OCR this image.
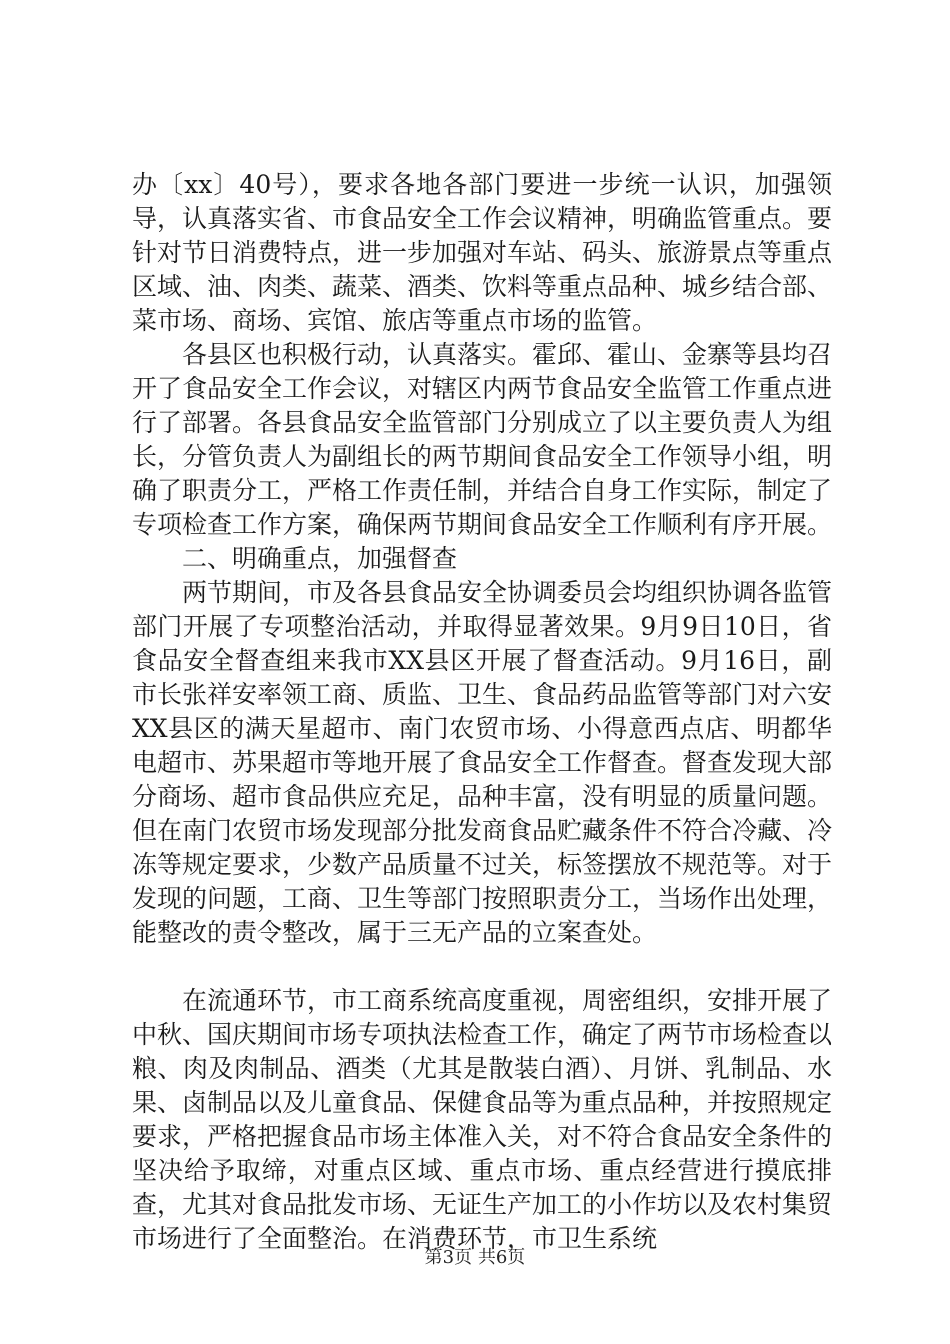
办〔xx〕40号），要求各地各部门要进一步统一认识，加强领导，认真落实省、市食品安全工作会议精神，明确监管重点。要针对节日消费特点，进一步加强对车站、码头、旅游景点等重点区域、油、肉类、蔬菜、酒类、饮料等重点品种、城乡结合部、菜市场、商场、宾馆、旅店等重点市场的监管。

各县区也积极行动，认真落实。霍邱、霍山、金寨等县均召开了食品安全工作会议，对辖区内两节食品安全监管工作重点进行了部署。各县食品安全监管部门分别成立了以主要负责人为组长，分管负责人为副组长的两节期间食品安全工作领导小组，明确了职责分工，严格工作责任制，并结合自身工作实际，制定了专项检查工作方案，确保两节期间食品安全工作顺利有序开展。

二、明确重点，加强督查

两节期间，市及各县食品安全协调委员会均组织协调各监管部门开展了专项整治活动，并取得显著效果。9月9日10日，省食品安全督查组来我市XX县区开展了督查活动。9月16日，副市长张祥安率领工商、质监、卫生、食品药品监管等部门对六安XX县区的满天星超市、南门农贸市场、小得意西点店、明都华电超市、苏果超市等地开展了食品安全工作督查。督查发现大部分商场、超市食品供应充足，品种丰富，没有明显的质量问题。但在南门农贸市场发现部分批发商食品贮藏条件不符合冷藏、冷冻等规定要求，少数产品质量不过关，标签摆放不规范等。对于发现的问题，工商、卫生等部门按照职责分工，当场作出处理，能整改的责令整改，属于三无产品的立案查处。

在流通环节，市工商系统高度重视，周密组织，安排开展了中秋、国庆期间市场专项执法检查工作，确定了两节市场检查以粮、肉及肉制品、酒类（尤其是散装白酒）、月饼、乳制品、水果、卤制品以及儿童食品、保健食品等为重点品种，并按照规定要求，严格把握食品市场主体准入关，对不符合食品安全条件的坚决给予取缔，对重点区域、重点市场、重点经营进行摸底排查，尤其对食品批发市场、无证生产加工的小作坊以及农村集贸市场进行了全面整治。在消费环节，市卫生系统

第3页 共6页
